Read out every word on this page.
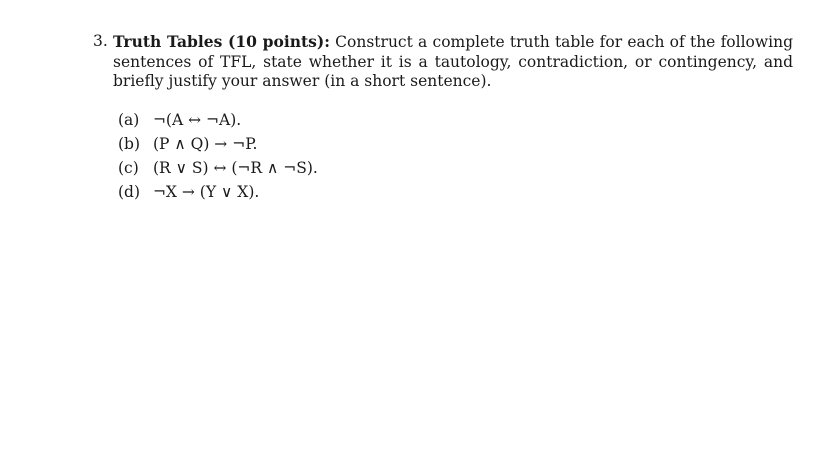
3. Truth Tables (10 points): Construct a complete truth table for each of the following sentences of TFL, state whether it is a tautology, contradiction, or contingency, and briefly justify your answer (in a short sentence).
(a) ¬(A ↔ ¬A).
(b) (P ∧ Q) → ¬P.
(c) (R ∨ S) ↔ (¬R ∧ ¬S).
(d) ¬X → (Y ∨ X).
